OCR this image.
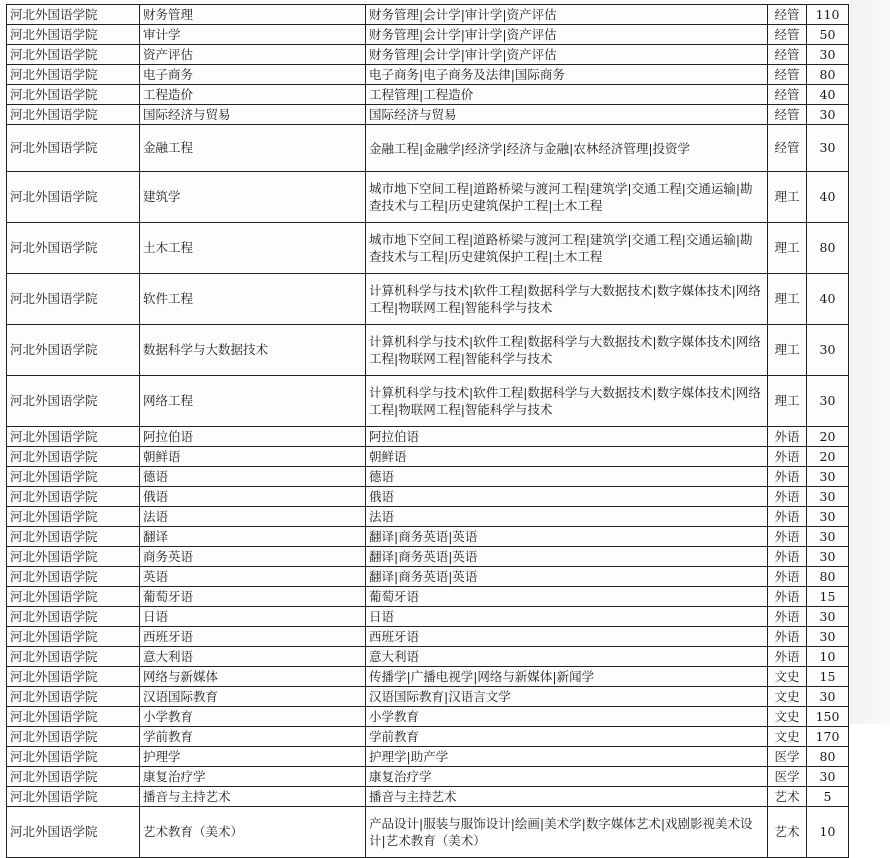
河北外国语学院	财务管理	财务管理|会计学|审计学|资产评估	经管	110
河北外国语学院	审计学	财务管理|会计学|审计学|资产评估	经管	50
河北外国语学院	资产评估	财务管理|会计学|审计学|资产评估	经管	30
河北外国语学院	电子商务	电子商务|电子商务及法律|国际商务	经管	80
河北外国语学院	工程造价	工程管理|工程造价	经管	40
河北外国语学院	国际经济与贸易	国际经济与贸易	经管	30
河北外国语学院	金融工程	金融工程|金融学|经济学|经济与金融|农林经济管理|投资学	经管	30
河北外国语学院	建筑学	城市地下空间工程|道路桥梁与渡河工程|建筑学|交通工程|交通运输|勘查技术与工程|历史建筑保护工程|土木工程	理工	40
河北外国语学院	土木工程	城市地下空间工程|道路桥梁与渡河工程|建筑学|交通工程|交通运输|勘查技术与工程|历史建筑保护工程|土木工程	理工	80
河北外国语学院	软件工程	计算机科学与技术|软件工程|数据科学与大数据技术|数字媒体技术|网络工程|物联网工程|智能科学与技术	理工	40
河北外国语学院	数据科学与大数据技术	计算机科学与技术|软件工程|数据科学与大数据技术|数字媒体技术|网络工程|物联网工程|智能科学与技术	理工	30
河北外国语学院	网络工程	计算机科学与技术|软件工程|数据科学与大数据技术|数字媒体技术|网络工程|物联网工程|智能科学与技术	理工	30
河北外国语学院	阿拉伯语	阿拉伯语	外语	20
河北外国语学院	朝鲜语	朝鲜语	外语	20
河北外国语学院	德语	德语	外语	30
河北外国语学院	俄语	俄语	外语	30
河北外国语学院	法语	法语	外语	30
河北外国语学院	翻译	翻译|商务英语|英语	外语	30
河北外国语学院	商务英语	翻译|商务英语|英语	外语	30
河北外国语学院	英语	翻译|商务英语|英语	外语	80
河北外国语学院	葡萄牙语	葡萄牙语	外语	15
河北外国语学院	日语	日语	外语	30
河北外国语学院	西班牙语	西班牙语	外语	30
河北外国语学院	意大利语	意大利语	外语	10
河北外国语学院	网络与新媒体	传播学|广播电视学|网络与新媒体|新闻学	文史	15
河北外国语学院	汉语国际教育	汉语国际教育|汉语言文学	文史	30
河北外国语学院	小学教育	小学教育	文史	150
河北外国语学院	学前教育	学前教育	文史	170
河北外国语学院	护理学	护理学|助产学	医学	80
河北外国语学院	康复治疗学	康复治疗学	医学	30
河北外国语学院	播音与主持艺术	播音与主持艺术	艺术	5
河北外国语学院	艺术教育（美术）	产品设计|服装与服饰设计|绘画|美术学|数字媒体艺术|戏剧影视美术设计|艺术教育（美术）	艺术	10
